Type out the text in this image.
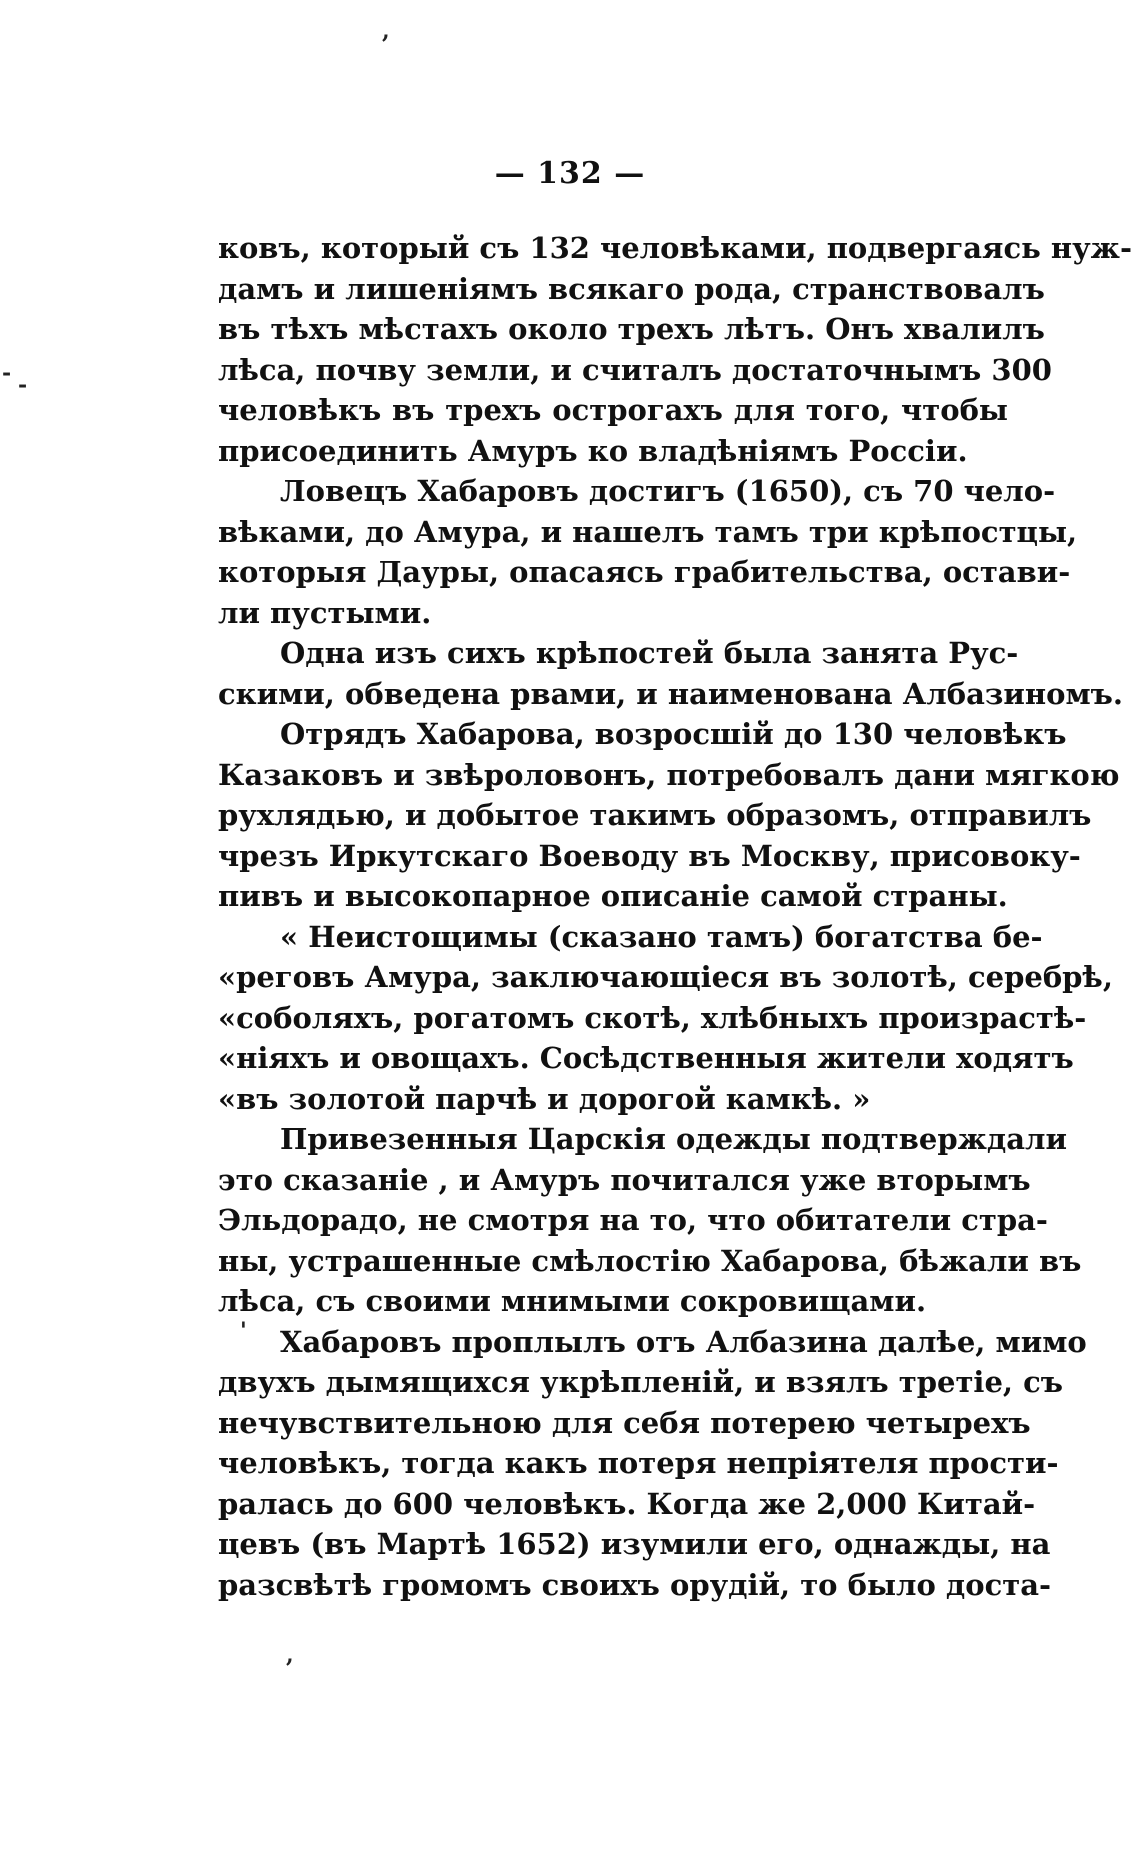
— 132 —
,
- -
'
,
ковъ, который съ 132 человѣками, подвергаясь нуж-
дамъ и лишеніямъ всякаго рода, странствовалъ
въ тѣхъ мѣстахъ около трехъ лѣтъ. Онъ хвалилъ
лѣса, почву земли, и считалъ достаточнымъ 300
человѣкъ въ трехъ острогахъ для того, чтобы
присоединить Амуръ ко владѣніямъ Россіи.
Ловецъ Хабаровъ достигъ (1650), съ 70 чело-
вѣками, до Амура, и нашелъ тамъ три крѣпостцы,
которыя Дауры, опасаясь грабительства, остави-
ли пустыми.
Одна изъ сихъ крѣпостей была занята Рус-
скими, обведена рвами, и наименована Албазиномъ.
Отрядъ Хабарова, возросшій до 130 человѣкъ
Казаковъ и звѣроловонъ, потребовалъ дани мягкою
рухлядью, и добытое такимъ образомъ, отправилъ
чрезъ Иркутскаго Воеводу въ Москву, присовоку-
пивъ и высокопарное описаніе самой страны.
« Неистощимы (сказано тамъ) богатства бе-
«реговъ Амура, заключающіеся въ золотѣ, серебрѣ,
«соболяхъ, рогатомъ скотѣ, хлѣбныхъ произрастѣ-
«ніяхъ и овощахъ. Сосѣдственныя жители ходятъ
«въ золотой парчѣ и дорогой камкѣ. »
Привезенныя Царскія одежды подтверждали
это сказаніе , и Амуръ почитался уже вторымъ
Эльдорадо, не смотря на то, что обитатели стра-
ны, устрашенные смѣлостію Хабарова, бѣжали въ
лѣса, съ своими мнимыми сокровищами.
Хабаровъ проплылъ отъ Албазина далѣе, мимо
двухъ дымящихся укрѣпленій, и взялъ третіе, съ
нечувствительною для себя потерею четырехъ
человѣкъ, тогда какъ потеря непріятеля прости-
ралась до 600 человѣкъ. Когда же 2,000 Китай-
цевъ (въ Мартѣ 1652) изумили его, однажды, на
разсвѣтѣ громомъ своихъ орудій, то было доста-
